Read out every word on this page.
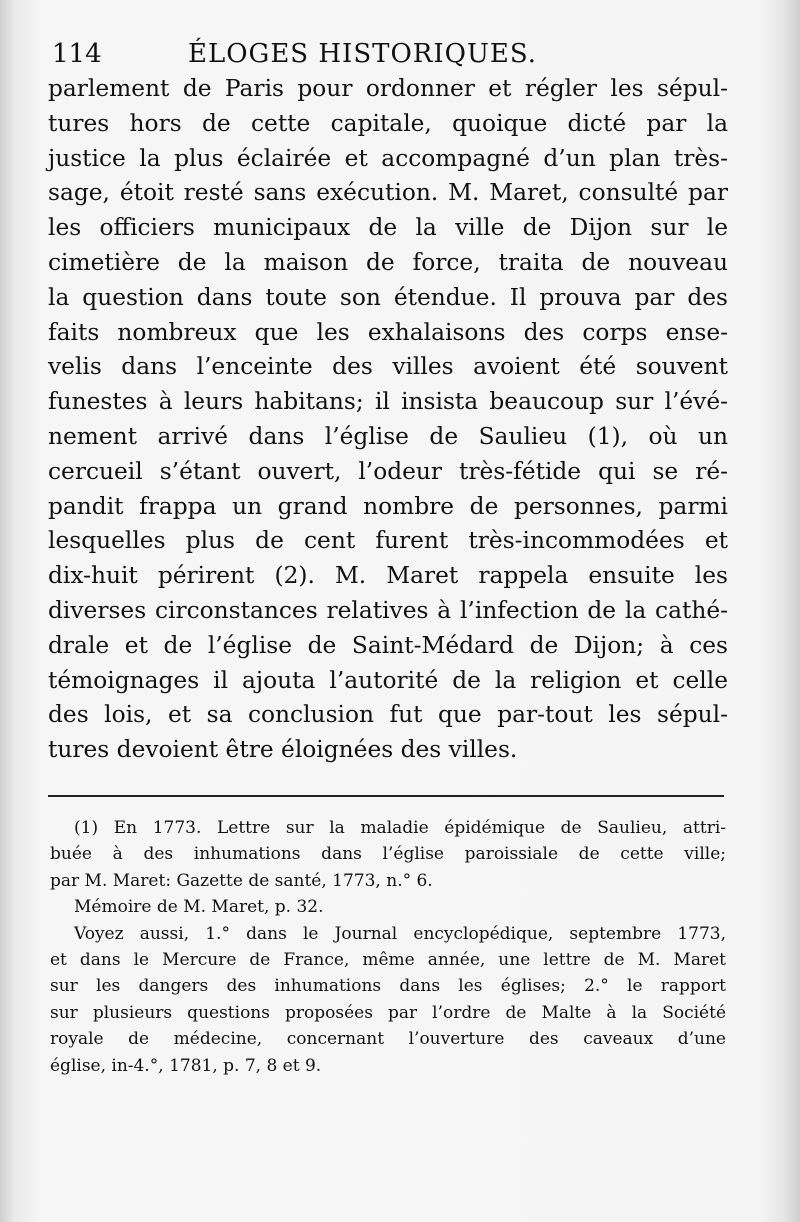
114	ÉLOGES HISTORIQUES.
parlement de Paris pour ordonner et régler les sépul-
tures hors de cette capitale, quoique dicté par la
justice la plus éclairée et accompagné d’un plan très-
sage, étoit resté sans exécution. M. Maret, consulté par
les officiers municipaux de la ville de Dijon sur le
cimetière de la maison de force, traita de nouveau
la question dans toute son étendue. Il prouva par des
faits nombreux que les exhalaisons des corps ense-
velis dans l’enceinte des villes avoient été souvent
funestes à leurs habitans; il insista beaucoup sur l’évé-
nement arrivé dans l’église de Saulieu (1), où un
cercueil s’étant ouvert, l’odeur très-fétide qui se ré-
pandit frappa un grand nombre de personnes, parmi
lesquelles plus de cent furent très-incommodées et
dix-huit périrent (2). M. Maret rappela ensuite les
diverses circonstances relatives à l’infection de la cathé-
drale et de l’église de Saint-Médard de Dijon; à ces
témoignages il ajouta l’autorité de la religion et celle
des lois, et sa conclusion fut que par-tout les sépul-
tures devoient être éloignées des villes.
(1) En 1773. Lettre sur la maladie épidémique de Saulieu, attri-
buée à des inhumations dans l’église paroissiale de cette ville;
par M. Maret: Gazette de santé, 1773, n.° 6.
Mémoire de M. Maret, p. 32.
Voyez aussi, 1.° dans le Journal encyclopédique, septembre 1773,
et dans le Mercure de France, même année, une lettre de M. Maret
sur les dangers des inhumations dans les églises; 2.° le rapport
sur plusieurs questions proposées par l’ordre de Malte à la Société
royale de médecine, concernant l’ouverture des caveaux d’une
église, in-4.°, 1781, p. 7, 8 et 9.
